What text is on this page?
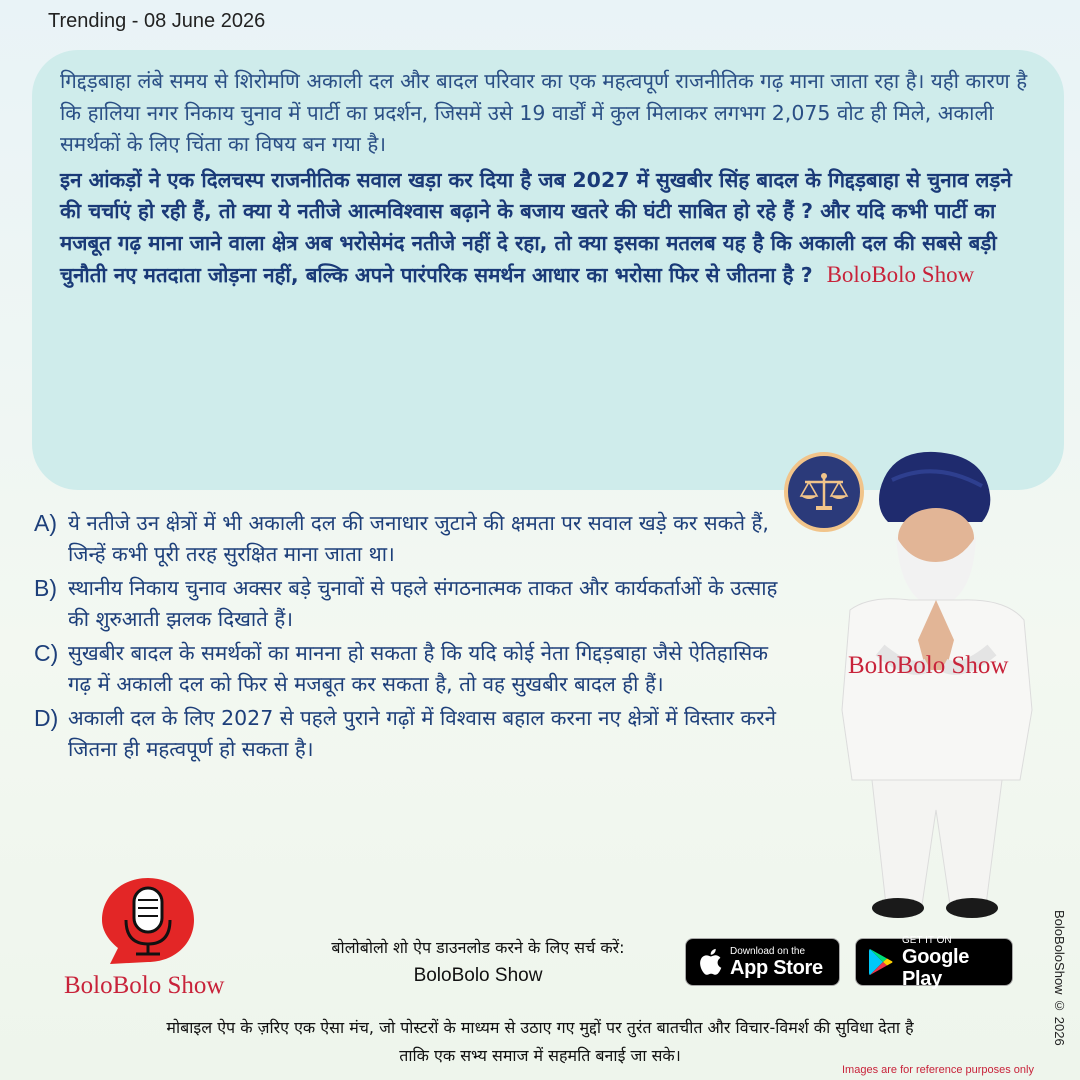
Trending - 08 June 2026

गिद्दड़बाहा लंबे समय से शिरोमणि अकाली दल और बादल परिवार का एक महत्वपूर्ण राजनीतिक गढ़ माना जाता रहा है। यही कारण है कि हालिया नगर निकाय चुनाव में पार्टी का प्रदर्शन, जिसमें उसे 19 वार्डों में कुल मिलाकर लगभग 2,075 वोट ही मिले, अकाली समर्थकों के लिए चिंता का विषय बन गया है।

इन आंकड़ों ने एक दिलचस्प राजनीतिक सवाल खड़ा कर दिया है जब 2027 में सुखबीर सिंह बादल के गिद्दड़बाहा से चुनाव लड़ने की चर्चाएं हो रही हैं, तो क्या ये नतीजे आत्मविश्वास बढ़ाने के बजाय खतरे की घंटी साबित हो रहे हैं ? और यदि कभी पार्टी का मजबूत गढ़ माना जाने वाला क्षेत्र अब भरोसेमंद नतीजे नहीं दे रहा, तो क्या इसका मतलब यह है कि अकाली दल की सबसे बड़ी चुनौती नए मतदाता जोड़ना नहीं, बल्कि अपने पारंपरिक समर्थन आधार का भरोसा फिर से जीतना है ? BoloBolo Show

A) ये नतीजे उन क्षेत्रों में भी अकाली दल की जनाधार जुटाने की क्षमता पर सवाल खड़े कर सकते हैं, जिन्हें कभी पूरी तरह सुरक्षित माना जाता था।
B) स्थानीय निकाय चुनाव अक्सर बड़े चुनावों से पहले संगठनात्मक ताकत और कार्यकर्ताओं के उत्साह की शुरुआती झलक दिखाते हैं।
C) सुखबीर बादल के समर्थकों का मानना हो सकता है कि यदि कोई नेता गिद्दड़बाहा जैसे ऐतिहासिक गढ़ में अकाली दल को फिर से मजबूत कर सकता है, तो वह सुखबीर बादल ही हैं।
D) अकाली दल के लिए 2027 से पहले पुराने गढ़ों में विश्वास बहाल करना नए क्षेत्रों में विस्तार करने जितना ही महत्वपूर्ण हो सकता है।
BoloBolo Show
BoloBolo Show
बोलोबोलो शो ऐप डाउनलोड करने के लिए सर्च करें:
BoloBolo Show
Download on the
App Store
GET IT ON
Google Play
मोबाइल ऐप के ज़रिए एक ऐसा मंच, जो पोस्टरों के माध्यम से उठाए गए मुद्दों पर तुरंत बातचीत और विचार-विमर्श की सुविधा देता है
ताकि एक सभ्य समाज में सहमति बनाई जा सके।
BoloBoloShow © 2026
Images are for reference purposes only
